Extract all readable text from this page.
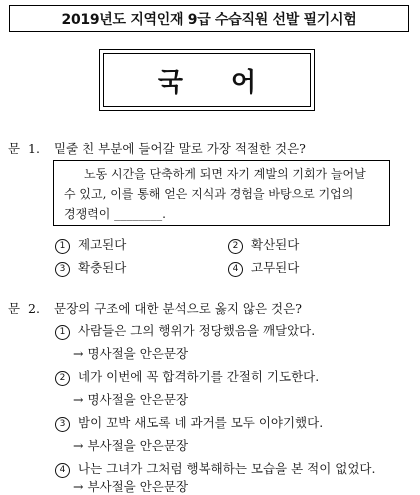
2019년도 지역인재 9급 수습직원 선발 필기시험
국어
문 1. 밑줄 친 부분에 들어갈 말로 가장 적절한 것은?

노동 시간을 단축하게 되면 자기 계발의 기회가 늘어날

수 있고, 이를 통해 얻은 지식과 경험을 바탕으로 기업의

경쟁력이 ________.

1 제고된다	2 확산된다
3 확충된다	4 고무된다
문 2. 문장의 구조에 대한 분석으로 옳지 않은 것은?
1 사람들은 그의 행위가 정당했음을 깨달았다.
→ 명사절을 안은문장
2 네가 이번에 꼭 합격하기를 간절히 기도한다.
→ 명사절을 안은문장
3 밤이 꼬박 새도록 네 과거를 모두 이야기했다.
→ 부사절을 안은문장
4 나는 그녀가 그처럼 행복해하는 모습을 본 적이 없었다.
→ 부사절을 안은문장
